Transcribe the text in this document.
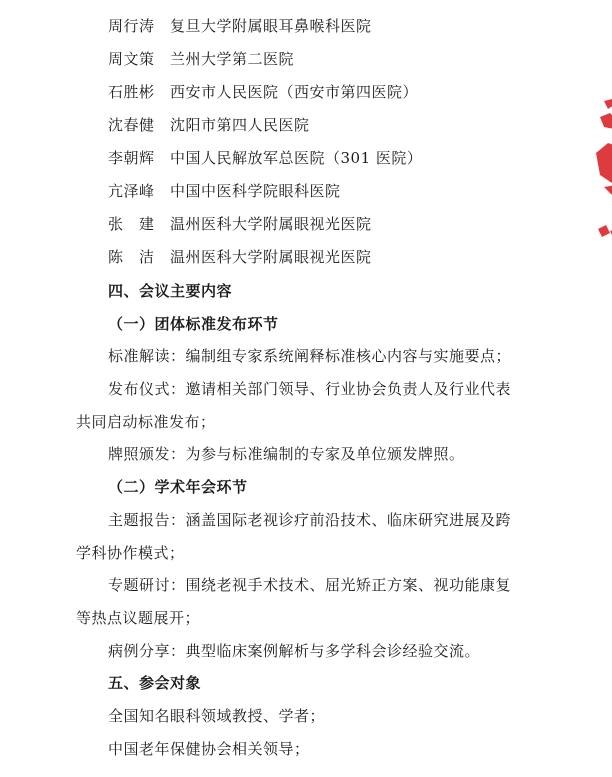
周行涛 复旦大学附属眼耳鼻喉科医院
周文策 兰州大学第二医院
石胜彬 西安市人民医院（西安市第四医院）
沈春健 沈阳市第四人民医院
李朝辉 中国人民解放军总医院（301 医院）
亢泽峰 中国中医科学院眼科医院
张　建 温州医科大学附属眼视光医院
陈　洁 温州医科大学附属眼视光医院
四、会议主要内容
（一）团体标准发布环节
标准解读：编制组专家系统阐释标准核心内容与实施要点；
发布仪式：邀请相关部门领导、行业协会负责人及行业代表
共同启动标准发布；
牌照颁发：为参与标准编制的专家及单位颁发牌照。
（二）学术年会环节
主题报告：涵盖国际老视诊疗前沿技术、临床研究进展及跨
学科协作模式；
专题研讨：围绕老视手术技术、屈光矫正方案、视功能康复
等热点议题展开；
病例分享：典型临床案例解析与多学科会诊经验交流。
五、参会对象
全国知名眼科领域教授、学者；
中国老年保健协会相关领导；
